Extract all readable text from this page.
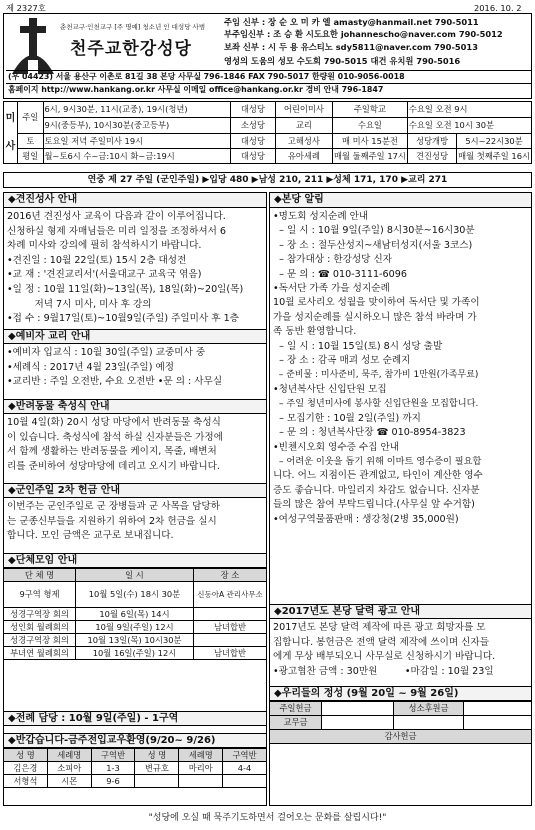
제 2327호	2016. 10. 2
춘천교구·인천교구 [주 명예] 청소년 인 대성당 사범
천주교한강성당
주임 신부 : 장 순 오 미 카 엘 amasty@hanmail.net 790-5011
부주임신부 : 조 승 환 시도요한 johannescho@naver.com 790-5012
보좌 신부 : 시 두 용 유스티노 sdy5811@naver.com 790-5013
영성의 도움의 성모 수도회 790-5015 대건 유치원 790-5016
(우 04423) 서울 용산구 이촌로 81길 38 본당 사무실 796-1846 FAX 790-5017 한량원 010-9056-0018
홈페이지 http://www.hankang.or.kr 사무실 이메일 office@hankang.or.kr 경비 안내 796-1847
미

사	주일	6시, 9시30분, 11시(교중), 19시(청년)	대성당	어린이미사	주일학교	수요일 오전 9시	
		9시(중등부), 10시30분(중고등부)	소성당	교리	수요일	수요일 오전 10시 30분	
	토	토요일 저녁 주일미사 19시	대성당	고해성사	매 미사 15분전	성당개방	5시~22시30분
	평일	월~토6시 수~금:10시 화~금:19시	대성당	유아세례	매월 둘째주일 17시	견진성당	매월 첫째주일 16시
연중 제 27 주일 (군인주일) ▶입당 480 ▶남성 210, 211 ▶성체 171, 170 ▶교리 271
◆견진성사 안내
2016년 견진성사 교육이 다음과 같이 이루어집니다.
신청하실 형제 자매님들은 미리 일정을 조정하셔서 6
차례 미사와 강의에 필히 참석하시기 바랍니다.
•견진일 : 10월 22일(토) 15시 2층 대성전
•교 재 : '견진교리서'(서울대교구 교육국 엮음)
•일 정 : 10월 11일(화)~13일(목), 18일(화)~20일(목)
저녁 7시 미사, 미사 후 강의
•접 수 : 9월17일(토)~10월9일(주일) 주일미사 후 1층
◆예비자 교리 안내
•예비자 입교식 : 10월 30일(주일) 교중미사 중
•세례식 : 2017년 4월 23일(주일) 예정
•교리반 : 주일 오전반, 수요 오전반 •문 의 : 사무실
◆반려동물 축성식 안내
10월 4일(화) 20시 성당 마당에서 반려동물 축성식
이 있습니다. 축성식에 참석 하실 신자분들은 가정에
서 함께 생활하는 반려동물을 케이지, 목줄, 배변처
리를 준비하여 성당마당에 데리고 오시기 바랍니다.
◆군인주일 2차 헌금 안내
이번주는 군인주일로 군 장병들과 군 사목을 담당하
는 군종신부들을 지원하기 위하여 2차 헌금을 실시
합니다. 모인 금액은 교구로 보내집니다.
◆단체모임 안내
단 체 명	일 시	장 소
9구역 형제	10월 5일(수) 18시 30분	신동아A 관리사무소
성경구역장 회의	10월 6일(목) 14시	
성인회 월례회의	10월 9일(주일) 12시	남녀합반
성경구역장 회의	10월 13일(목) 10시30분	
부녀연 월례회의	10월 16일(주일) 12시	남녀합반
◆전례 담당 : 10월 9일(주일) - 1구역
◆반갑습니다-금주전입교우환영(9/20~ 9/26)
성 명	세례명	구역반	성 명	세례명	구역반
김은경	소피아	1-3	변규호	마리아	4-4
서형석	시몬	9-6			
◆본당 알림
•명도회 성지순례 안내
– 일 시 : 10월 9일(주일) 8시30분~16시30분
– 장 소 : 절두산성지~새남터성지(서울 3코스)
– 참가대상 : 한강성당 신자
– 문 의 : ☎ 010-3111-6096
•독서단 가족 가을 성지순례
10월 로사리오 성월을 맞이하여 독서단 및 가족이
가을 성지순례를 실시하오니 많은 참석 바라며 가
족 동반 환영합니다.
– 일 시 : 10월 15일(토) 8시 성당 출발
– 장 소 : 감곡 매괴 성모 순례지
– 준비물 : 미사준비, 묵주, 참가비 1만원(가족무료)
•청년복사단 신입단원 모집
– 주일 청년미사에 봉사할 신입단원을 모집합니다.
– 모집기한 : 10월 2일(주일) 까지
– 문 의 : 청년복사단장 ☎ 010-8954-3823
•빈첸시오회 영수증 수집 안내
– 어려운 이웃을 돕기 위해 이마트 영수증이 필요합
니다. 어느 지점이든 관계없고, 타인이 계산한 영수
증도 좋습니다. 마일리지 차감도 없습니다. 신자분
들의 많은 참여 부탁드립니다.(사무실 앞 수거함)
•여성구역물품판매 : 생강청(2병 35,000원)
◆2017년도 본당 달력 광고 안내
2017년도 본당 달력 제작에 따른 광고 희망자를 모
집합니다. 봉헌금은 전액 달력 제작에 쓰이며 신자들
에게 무상 배부되오니 사무실로 신청하시기 바랍니다.
•광고협찬 금액 : 30만원         •마감일 : 10월 23일
◆우리들의 정성 (9월 20일 ~ 9월 26일)
주일헌금		성소후원금	
교무금			
감사헌금			

"성당에 오실 때 묵주기도하면서 걸어오는 문화를 살립시다!"
